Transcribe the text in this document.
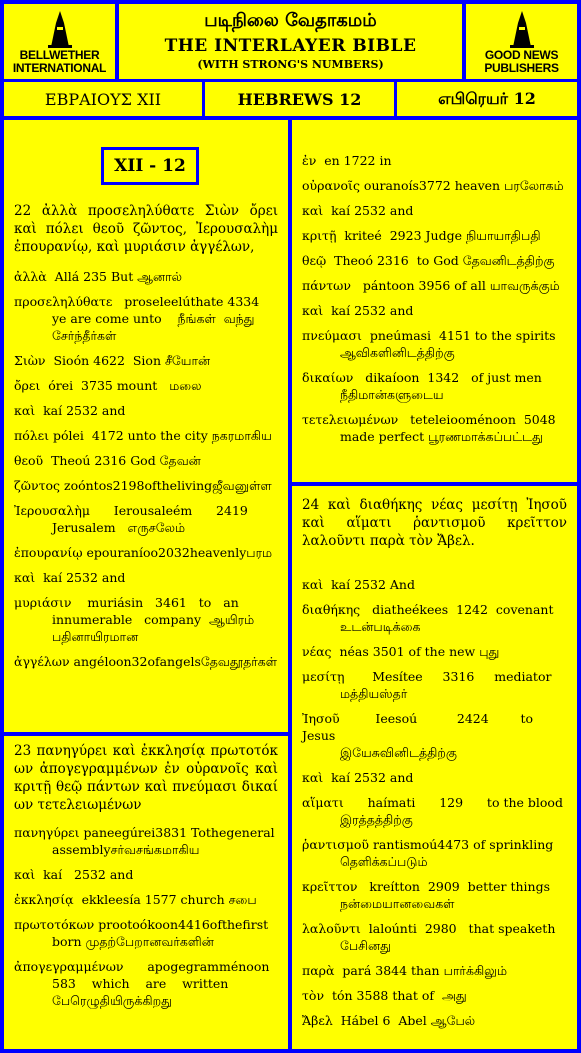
BELLWETHER
INTERNATIONAL
படிநிலை வேதாகமம்
THE INTERLAYER BIBLE
(WITH STRONG'S NUMBERS)
GOOD NEWS
PUBLISHERS
ΕΒΡΑΙΟΥΣ XII	HEBREWS 12	எபிரெயர் 12
XII - 12
22 ἀλλὰ προσεληλύθατε Σιὼν ὄρει καὶ πόλει θεοῦ ζῶντος, Ἰερουσαλὴμ ἐπουρανίῳ, καὶ μυριάσιν ἀγγέλων,
ἀλλὰ  Allá 235 But ஆனால்
προσεληλύθατε   proseleelúthate 4334
ye are come unto    நீங்கள்  வந்து சேர்ந்தீர்கள்
Σιὼν  Sioón 4622  Sion சீயோன்
ὄρει  órei  3735 mount   மலை
καὶ  kaí 2532 and
πόλει pólei  4172 unto the city நகரமாகிய
θεοῦ  Theoú 2316 God தேவன்
ζῶντος zoóntos2198ofthelivingஜீவனுள்ள
Ἰερουσαλὴμ      Ierousaleém      2419
Jerusalem   எருசலேம்
ἐπουρανίῳ epouraníoo2032heavenlyபரம
καὶ  kaí 2532 and
μυριάσιν    muriásin   3461   to   an
innumerable   company  ஆயிரம் பதினாயிரமான
ἀγγέλων angéloon32ofangelsதேவதூதர்கள்
23 πανηγύρει καὶ ἐκκλησίᾳ πρωτοτόκων ἀπογεγραμμένων ἐν οὐρανοῖς καὶ κριτῇ θεῷ πάντων καὶ πνεύμασι δικαίων τετελειωμένων
πανηγύρει paneegúrei3831 Tothegeneral
assemblyசர்வசங்கமாகிய
καὶ  kaí   2532 and
ἐκκλησίᾳ  ekkleesía 1577 church சபை
πρωτοτόκων prootoókoon4416ofthefirst
born முதற்பேறானவர்களின்
ἀπογεγραμμένων      apogegramménoon
583    which    are    written பேரெழுதியிருக்கிறது
ἐν  en 1722 in
οὐρανοῖς ouranoís3772 heaven பரலோகம்
καὶ  kaí 2532 and
κριτῇ  kriteé  2923 Judge நியாயாதிபதி
θεῷ  Theoó 2316  to God தேவனிடத்திற்கு
πάντων   pántoon 3956 of all யாவருக்கும்
καὶ  kaí 2532 and
πνεύμασι  pneúmasi  4151 to the spirits
ஆவிகளினிடத்திற்கு
δικαίων   dikaíoon  1342   of just men
நீதிமான்களுடைய
τετελειωμένων   teteleiooménoon  5048
made perfect பூரணமாக்கப்பட்டது
24 καὶ διαθήκης νέας μεσίτῃ Ἰησοῦ καὶ αἵματι ῥαντισμοῦ κρεῖττον λαλοῦντι παρὰ τὸν Ἄβελ.
καὶ  kaí 2532 And
διαθήκης   diatheékees  1242  covenant
உடன்படிக்கை
νέας  néas 3501 of the new புது
μεσίτῃ       Mesítee     3316     mediator
மத்தியஸ்தர்
Ἰησοῦ         Ieesoú          2424        to Jesus
இயேசுவினிடத்திற்கு
καὶ  kaí 2532 and
αἵματι      haímati      129      to the blood
இரத்தத்திற்கு
ῥαντισμοῦ rantismoú4473 of sprinkling
தெளிக்கப்படும்
κρεῖττον   kreítton  2909  better things
நன்மையானவைகள்
λαλοῦντι  laloúnti  2980   that speaketh
பேசினது
παρὰ  pará 3844 than பார்க்கிலும்
τὸν  tón 3588 that of  அது
Ἄβελ  Hábel 6  Abel ஆபேல்
